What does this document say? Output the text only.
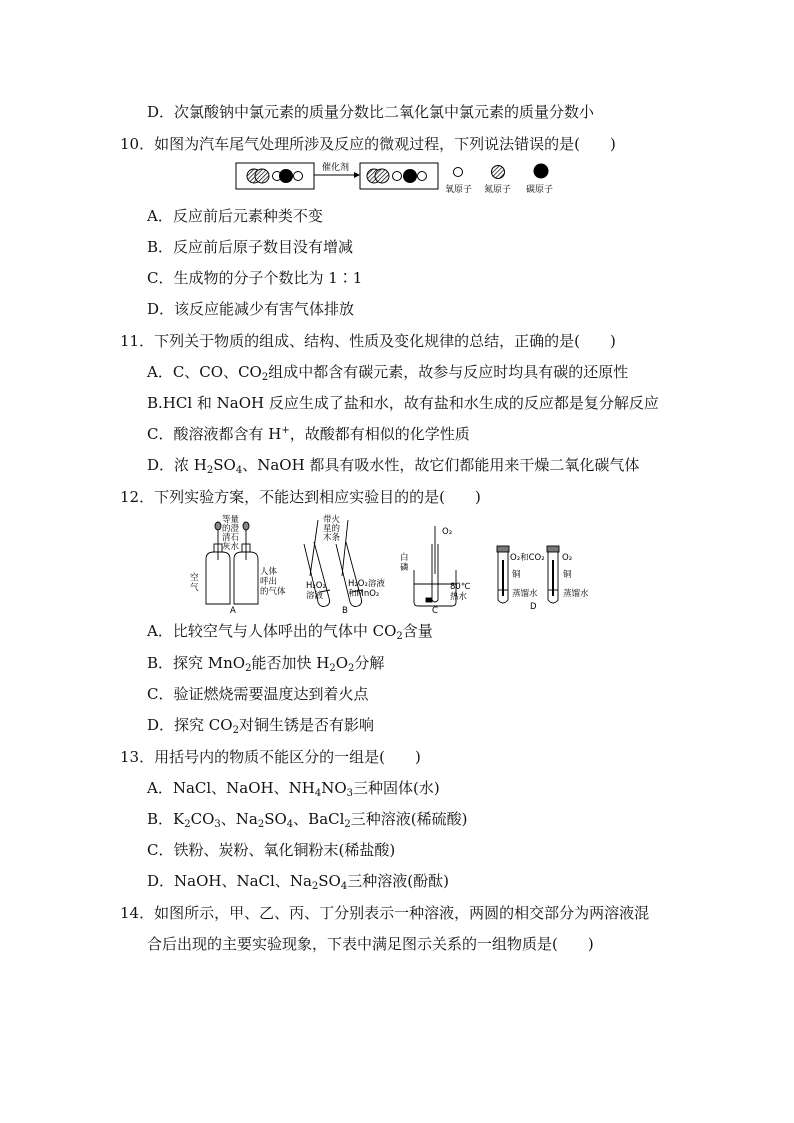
D．次氯酸钠中氯元素的质量分数比二氧化氯中氯元素的质量分数小
10．如图为汽车尾气处理所涉及反应的微观过程，下列说法错误的是(　　)
催化剂
氧原子 氮原子 碳原子
A．反应前后元素种类不变
B．反应前后原子数目没有增减
C．生成物的分子个数比为 1∶1
D．该反应能减少有害气体排放
11．下列关于物质的组成、结构、性质及变化规律的总结，正确的是(　　)
A．C、CO、$CO_2$组成中都含有碳元素，故参与反应时均具有碳的还原性
B.HCl 和 NaOH 反应生成了盐和水，故有盐和水生成的反应都是复分解反应
C．酸溶液都含有 H+，故酸都有相似的化学性质
D．浓 $H_2SO_4$、NaOH 都具有吸水性，故它们都能用来干燥二氧化碳气体
12．下列实验方案，不能达到相应实验目的的是(　　)
等量
的澄
清石
灰水
空
气
人体
呼出
的气体
A
带火
星的
木条
H₂O₂
溶液
H₂O₂溶液
和MnO₂
B
O₂
白
磷
80℃
热水
C
O₂和CO₂ O₂
铜	铜
蒸馏水	蒸馏水
D
A．比较空气与人体呼出的气体中 $CO_2$含量
B．探究 MnO$_2$能否加快 $H_2O_2$分解
C．验证燃烧需要温度达到着火点
D．探究 $CO_2$对铜生锈是否有影响
13．用括号内的物质不能区分的一组是(　　)
A．NaCl、NaOH、$NH_4NO_3$三种固体(水)
B．$K_2CO_3$、$Na_2SO_4$、BaCl$_2$三种溶液(稀硫酸)
C．铁粉、炭粉、氧化铜粉末(稀盐酸)
D．NaOH、NaCl、$Na_2SO_4$三种溶液(酚酞)
14．如图所示，甲、乙、丙、丁分别表示一种溶液，两圆的相交部分为两溶液混
合后出现的主要实验现象，下表中满足图示关系的一组物质是(　　)
